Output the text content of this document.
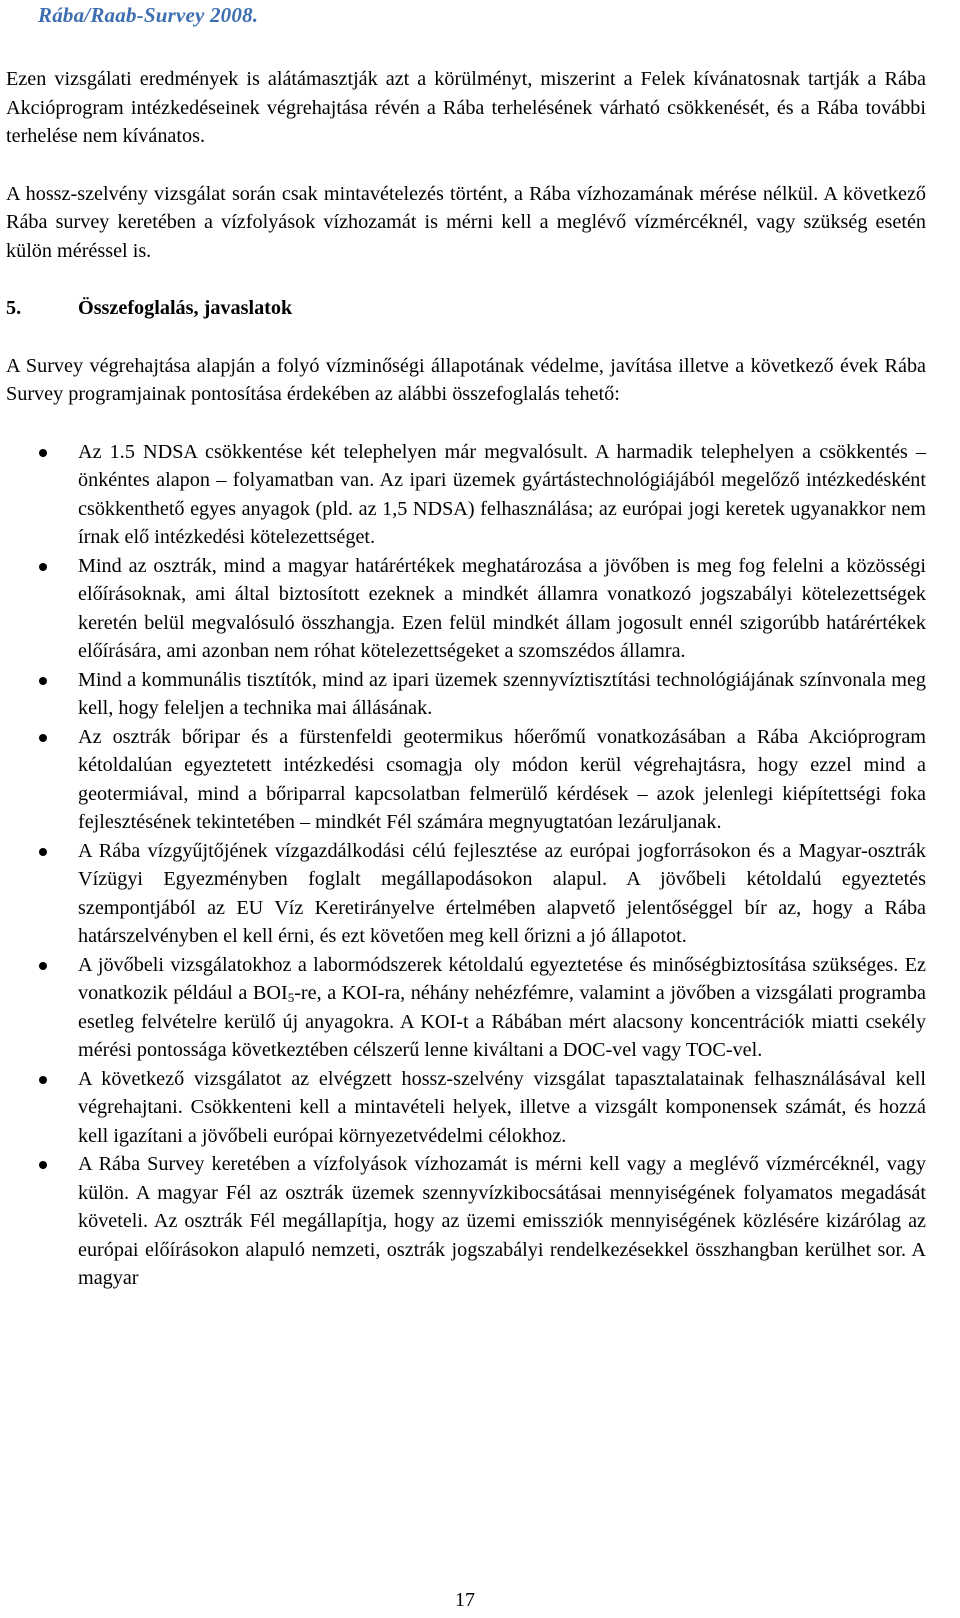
Rába/Raab-Survey 2008.

Ezen vizsgálati eredmények is alátámasztják azt a körülményt, miszerint a Felek kívánatosnak tartják a Rába Akcióprogram intézkedéseinek végrehajtása révén a Rába terhelésének várható csökkenését, és a Rába további terhelése nem kívánatos.

A hossz-szelvény vizsgálat során csak mintavételezés történt, a Rába vízhozamának mérése nélkül. A következő Rába survey keretében a vízfolyások vízhozamát is mérni kell a meglévő vízmércéknél, vagy szükség esetén külön méréssel is.

5.	Összefoglalás, javaslatok

A Survey végrehajtása alapján a folyó vízminőségi állapotának védelme, javítása illetve a következő évek Rába Survey programjainak pontosítása érdekében az alábbi összefoglalás tehető:

Az 1.5 NDSA csökkentése két telephelyen már megvalósult. A harmadik telephelyen a csökkentés – önkéntes alapon – folyamatban van. Az ipari üzemek gyártástechnológiájából megelőző intézkedésként csökkenthető egyes anyagok (pld. az 1,5 NDSA) felhasználása; az európai jogi keretek ugyanakkor nem írnak elő intézkedési kötelezettséget.
Mind az osztrák, mind a magyar határértékek meghatározása a jövőben is meg fog felelni a közösségi előírásoknak, ami által biztosított ezeknek a mindkét államra vonatkozó jogszabályi kötelezettségek keretén belül megvalósuló összhangja. Ezen felül mindkét állam jogosult ennél szigorúbb határértékek előírására, ami azonban nem róhat kötelezettségeket a szomszédos államra.
Mind a kommunális tisztítók, mind az ipari üzemek szennyvíztisztítási technológiájának színvonala meg kell, hogy feleljen a technika mai állásának.
Az osztrák bőripar és a fürstenfeldi geotermikus hőerőmű vonatkozásában a Rába Akcióprogram kétoldalúan egyeztetett intézkedési csomagja oly módon kerül végrehajtásra, hogy ezzel mind a geotermiával, mind a bőriparral kapcsolatban felmerülő kérdések – azok jelenlegi kiépítettségi foka fejlesztésének tekintetében – mindkét Fél számára megnyugtatóan lezáruljanak.
A Rába vízgyűjtőjének vízgazdálkodási célú fejlesztése az európai jogforrásokon és a Magyar-osztrák Vízügyi Egyezményben foglalt megállapodásokon alapul. A jövőbeli kétoldalú egyeztetés szempontjából az EU Víz Keretirányelve értelmében alapvető jelentőséggel bír az, hogy a Rába határszelvényben el kell érni, és ezt követően meg kell őrizni a jó állapotot.
A jövőbeli vizsgálatokhoz a labormódszerek kétoldalú egyeztetése és minőségbiztosítása szükséges. Ez vonatkozik például a $BOI_5-re$, a KOI-ra, néhány nehézfémre, valamint a jövőben a vizsgálati programba esetleg felvételre kerülő új anyagokra. A KOI-t a Rábában mért alacsony koncentrációk miatti csekély mérési pontossága következtében célszerű lenne kiváltani a DOC-vel vagy TOC-vel.
A következő vizsgálatot az elvégzett hossz-szelvény vizsgálat tapasztalatainak felhasználásával kell végrehajtani. Csökkenteni kell a mintavételi helyek, illetve a vizsgált komponensek számát, és hozzá kell igazítani a jövőbeli európai környezetvédelmi célokhoz.
A Rába Survey keretében a vízfolyások vízhozamát is mérni kell vagy a meglévő vízmércéknél, vagy külön. A magyar Fél az osztrák üzemek szennyvízkibocsátásai mennyiségének folyamatos megadását követeli. Az osztrák Fél megállapítja, hogy az üzemi emissziók mennyiségének közlésére kizárólag az európai előírásokon alapuló nemzeti, osztrák jogszabályi rendelkezésekkel összhangban kerülhet sor. A magyar
17
